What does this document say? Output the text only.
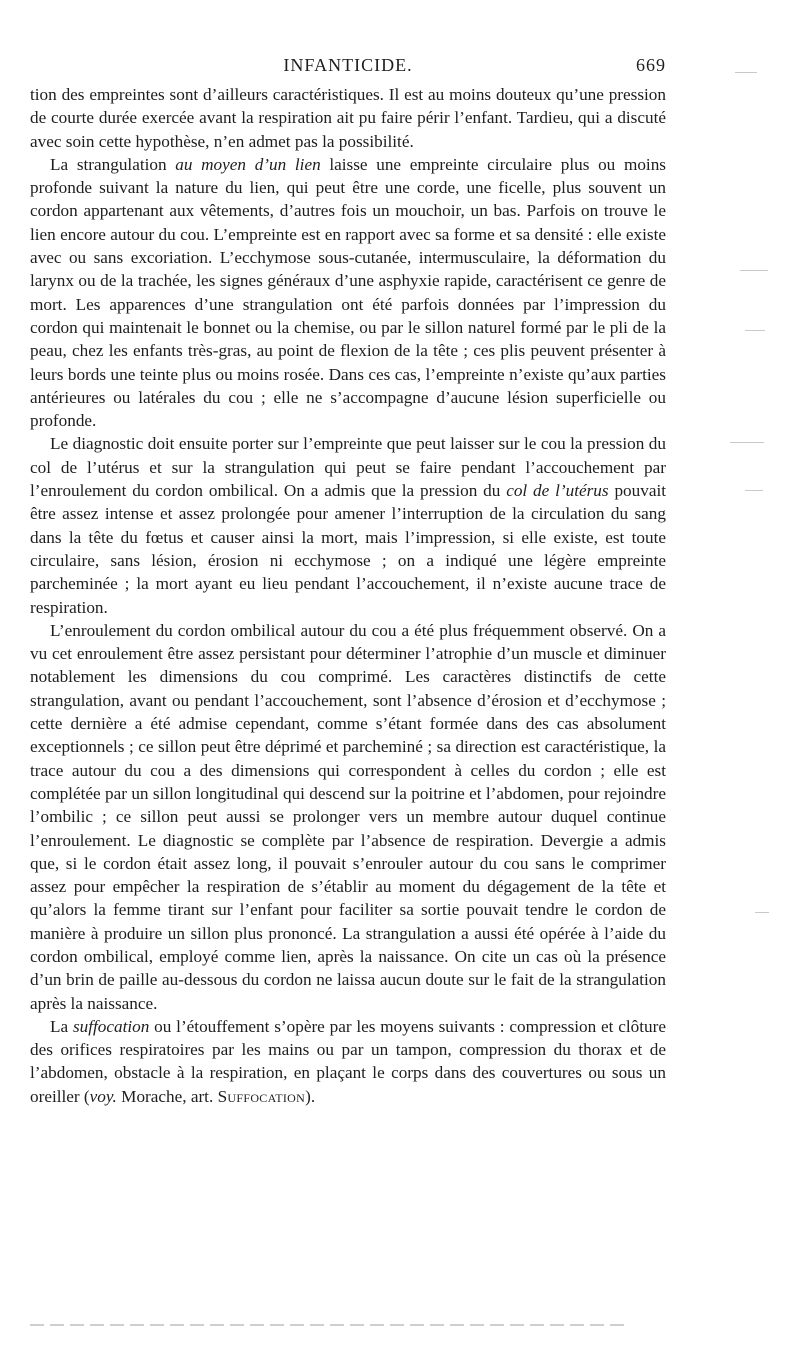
INFANTICIDE.	669

tion des empreintes sont d’ailleurs caractéristiques. Il est au moins douteux qu’une pression de courte durée exercée avant la respiration ait pu faire périr l’enfant. Tardieu, qui a discuté avec soin cette hypothèse, n’en admet pas la possibilité.

La strangulation au moyen d’un lien laisse une empreinte circulaire plus ou moins profonde suivant la nature du lien, qui peut être une corde, une ficelle, plus souvent un cordon appartenant aux vêtements, d’autres fois un mouchoir, un bas. Parfois on trouve le lien encore autour du cou. L’empreinte est en rapport avec sa forme et sa densité : elle existe avec ou sans excoriation. L’ecchymose sous-cutanée, intermusculaire, la déformation du larynx ou de la trachée, les signes généraux d’une asphyxie rapide, caractérisent ce genre de mort. Les apparences d’une strangulation ont été parfois données par l’impression du cordon qui maintenait le bonnet ou la chemise, ou par le sillon naturel formé par le pli de la peau, chez les enfants très-gras, au point de flexion de la tête ; ces plis peuvent présenter à leurs bords une teinte plus ou moins rosée. Dans ces cas, l’empreinte n’existe qu’aux parties antérieures ou latérales du cou ; elle ne s’accompagne d’aucune lésion superficielle ou profonde.

Le diagnostic doit ensuite porter sur l’empreinte que peut laisser sur le cou la pression du col de l’utérus et sur la strangulation qui peut se faire pendant l’accouchement par l’enroulement du cordon ombilical. On a admis que la pression du col de l’utérus pouvait être assez intense et assez prolongée pour amener l’interruption de la circulation du sang dans la tête du fœtus et causer ainsi la mort, mais l’impression, si elle existe, est toute circulaire, sans lésion, érosion ni ecchymose ; on a indiqué une légère empreinte parcheminée ; la mort ayant eu lieu pendant l’accouchement, il n’existe aucune trace de respiration.

L’enroulement du cordon ombilical autour du cou a été plus fréquemment observé. On a vu cet enroulement être assez persistant pour déterminer l’atrophie d’un muscle et diminuer notablement les dimensions du cou comprimé. Les caractères distinctifs de cette strangulation, avant ou pendant l’accouchement, sont l’absence d’érosion et d’ecchymose ; cette dernière a été admise cependant, comme s’étant formée dans des cas absolument exceptionnels ; ce sillon peut être déprimé et parcheminé ; sa direction est caractéristique, la trace autour du cou a des dimensions qui correspondent à celles du cordon ; elle est complétée par un sillon longitudinal qui descend sur la poitrine et l’abdomen, pour rejoindre l’ombilic ; ce sillon peut aussi se prolonger vers un membre autour duquel continue l’enroulement. Le diagnostic se complète par l’absence de respiration. Devergie a admis que, si le cordon était assez long, il pouvait s’enrouler autour du cou sans le comprimer assez pour empêcher la respiration de s’établir au moment du dégagement de la tête et qu’alors la femme tirant sur l’enfant pour faciliter sa sortie pouvait tendre le cordon de manière à produire un sillon plus prononcé. La strangulation a aussi été opérée à l’aide du cordon ombilical, employé comme lien, après la naissance. On cite un cas où la présence d’un brin de paille au-dessous du cordon ne laissa aucun doute sur le fait de la strangulation après la naissance.

La suffocation ou l’étouffement s’opère par les moyens suivants : compression et clôture des orifices respiratoires par les mains ou par un tampon, compression du thorax et de l’abdomen, obstacle à la respiration, en plaçant le corps dans des couvertures ou sous un oreiller (voy. Morache, art. Suffocation).
